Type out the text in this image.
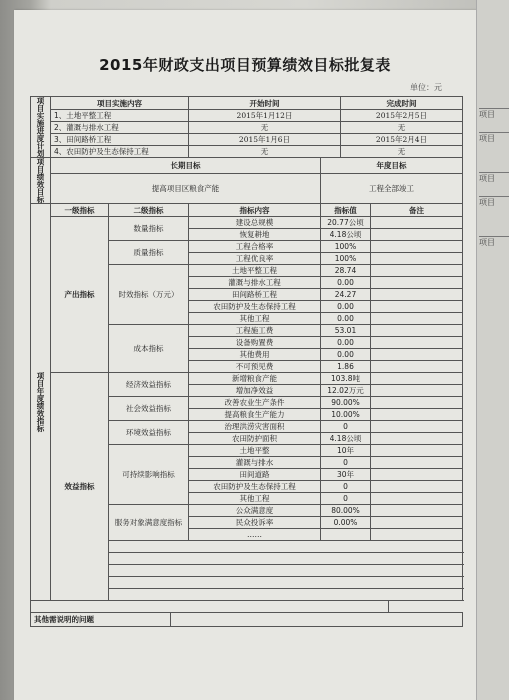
项目
项目
项目
项目
项目
2015年财政支出项目预算绩效目标批复表
单位：元
项目实施进度计划	项目实施内容			开始时间		完成时间	
	1、土地平整工程			2015年1月12日		2015年2月5日	
	2、灌溉与排水工程			无		无	
	3、田间路桥工程			2015年1月6日		2015年2月4日	
	4、农田防护及生态保持工程			无		无	
项目绩效目标	长期目标				年度目标		
	提高项目区粮食产能				工程全部竣工		
项目年度绩效指标	一级指标	二级指标		指标内容	指标值		备注
	产出指标	数量指标		建设总规模	20.77公顷		
				恢复耕地	4.18公顷		
		质量指标		工程合格率	100%		
				工程优良率	100%		
		时效指标（万元）		土地平整工程	28.74		
				灌溉与排水工程	0.00		
				田间路桥工程	24.27		
				农田防护及生态保持工程	0.00		
				其他工程	0.00		
		成本指标		工程施工费	53.01		
				设备购置费	0.00		
				其他费用	0.00		
				不可预见费	1.86		
	效益指标	经济效益指标		新增粮食产能	103.8吨		
				增加净效益	12.02万元		
		社会效益指标		改善农业生产条件	90.00%		
				提高粮食生产能力	10.00%		
		环境效益指标		治理洪涝灾害面积	0		
				农田防护面积	4.18公顷		
		可持续影响指标		土地平整	10年		
				灌溉与排水	0		
				田间道路	30年		
				农田防护及生态保持工程	0		
				其他工程	0		
		服务对象满意度指标		公众满意度	80.00%		
				民众投诉率	0.00%		
				……			

其他需说明的问题							
